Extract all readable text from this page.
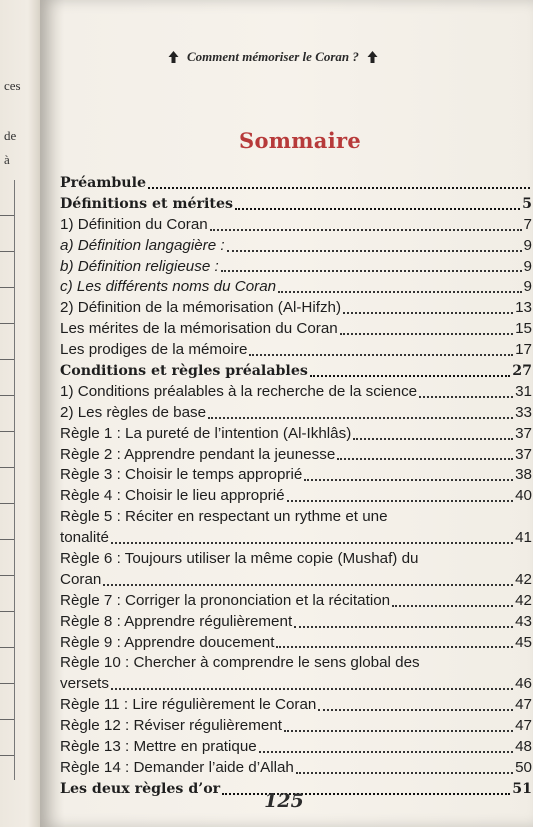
ces
de
à
Comment mémoriser le Coran ?
Sommaire
Préambule
Définitions et mérites	5
1) Définition du Coran	7
a) Définition langagière :	9
b) Définition religieuse :	9
c) Les différents noms du Coran	9
2) Définition de la mémorisation (Al-Hifzh)	13
Les mérites de la mémorisation du Coran	15
Les prodiges de la mémoire	17
Conditions et règles préalables	27
1) Conditions préalables à la recherche de la science	31
2) Les règles de base	33
Règle 1 : La pureté de l’intention (Al-Ikhlâs)	37
Règle 2 : Apprendre pendant la jeunesse	37
Règle 3 : Choisir le temps approprié	38
Règle 4 : Choisir le lieu approprié	40
Règle 5 : Réciter en respectant un rythme et une
tonalité	41
Règle 6 : Toujours utiliser la même copie (Mushaf) du
Coran	42
Règle 7 : Corriger la prononciation et la récitation	42
Règle 8 : Apprendre régulièrement	43
Règle 9 : Apprendre doucement	45
Règle 10 : Chercher à comprendre le sens global des
versets	46
Règle 11 : Lire régulièrement le Coran	47
Règle 12 : Réviser régulièrement	47
Règle 13 : Mettre en pratique	48
Règle 14 : Demander l’aide d’Allah	50
Les deux règles d’or	51
125
